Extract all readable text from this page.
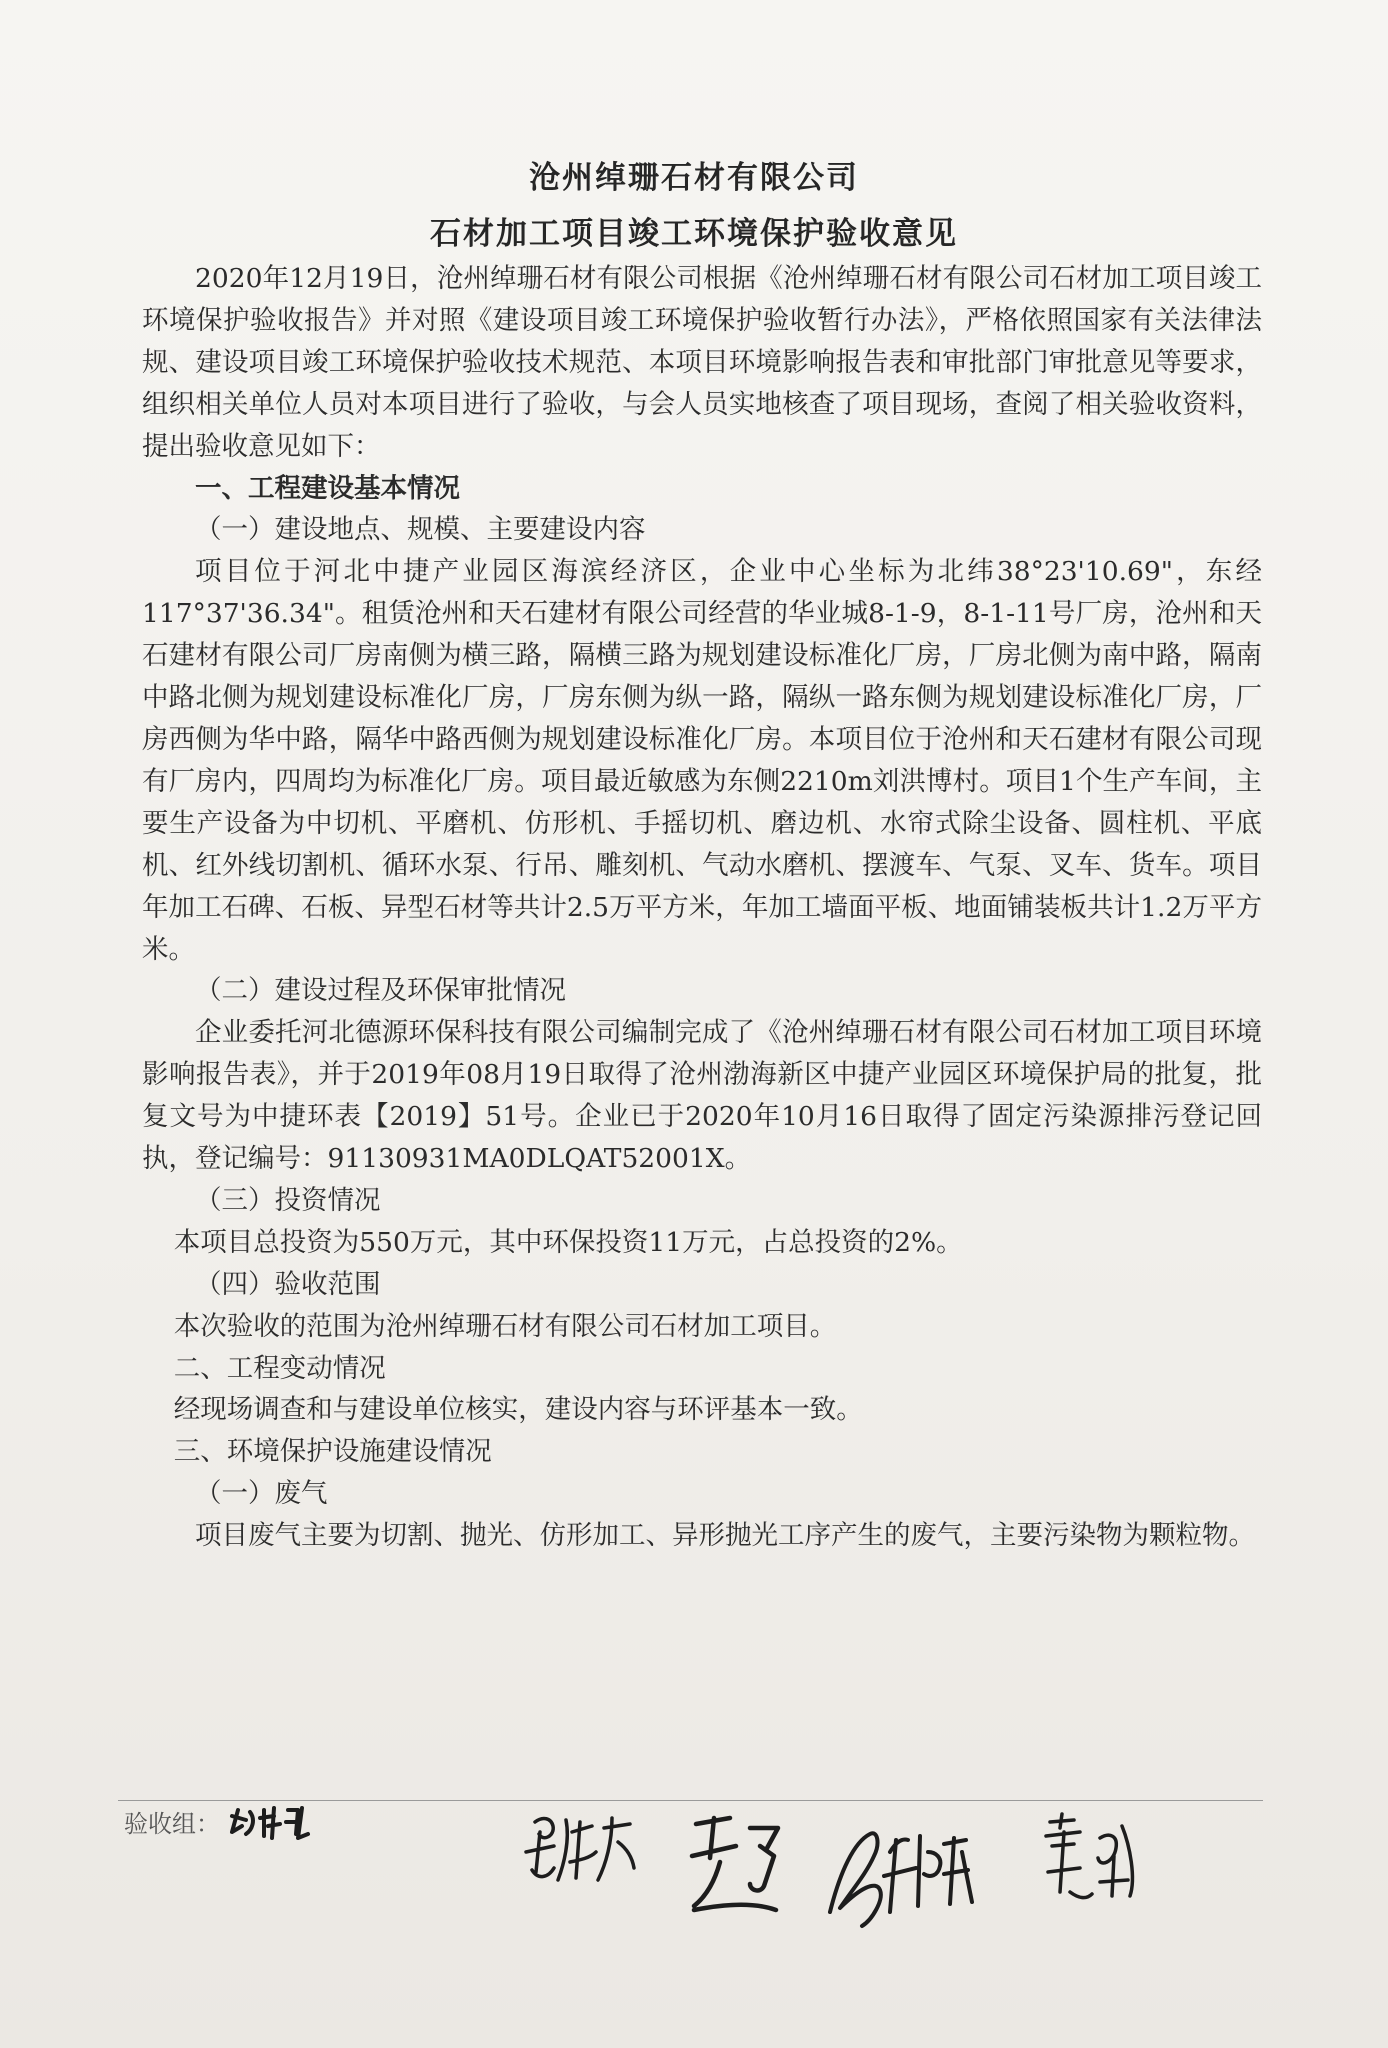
沧州绰珊石材有限公司
石材加工项目竣工环境保护验收意见

2020年12月19日，沧州绰珊石材有限公司根据《沧州绰珊石材有限公司石材加工项目竣工环境保护验收报告》并对照《建设项目竣工环境保护验收暂行办法》，严格依照国家有关法律法规、建设项目竣工环境保护验收技术规范、本项目环境影响报告表和审批部门审批意见等要求，组织相关单位人员对本项目进行了验收，与会人员实地核查了项目现场，查阅了相关验收资料，提出验收意见如下：

一、工程建设基本情况

（一）建设地点、规模、主要建设内容

项目位于河北中捷产业园区海滨经济区，企业中心坐标为北纬38°23'10.69"，东经117°37'36.34"。租赁沧州和天石建材有限公司经营的华业城8-1-9，8-1-11号厂房，沧州和天石建材有限公司厂房南侧为横三路，隔横三路为规划建设标准化厂房，厂房北侧为南中路，隔南中路北侧为规划建设标准化厂房，厂房东侧为纵一路，隔纵一路东侧为规划建设标准化厂房，厂房西侧为华中路，隔华中路西侧为规划建设标准化厂房。本项目位于沧州和天石建材有限公司现有厂房内，四周均为标准化厂房。项目最近敏感为东侧2210m刘洪博村。项目1个生产车间，主要生产设备为中切机、平磨机、仿形机、手摇切机、磨边机、水帘式除尘设备、圆柱机、平底机、红外线切割机、循环水泵、行吊、雕刻机、气动水磨机、摆渡车、气泵、叉车、货车。项目年加工石碑、石板、异型石材等共计2.5万平方米，年加工墙面平板、地面铺装板共计1.2万平方米。

（二）建设过程及环保审批情况

企业委托河北德源环保科技有限公司编制完成了《沧州绰珊石材有限公司石材加工项目环境影响报告表》，并于2019年08月19日取得了沧州渤海新区中捷产业园区环境保护局的批复，批复文号为中捷环表【2019】51号。企业已于2020年10月16日取得了固定污染源排污登记回执，登记编号：91130931MA0DLQAT52001X。

（三）投资情况

本项目总投资为550万元，其中环保投资11万元，占总投资的2%。

（四）验收范围

本次验收的范围为沧州绰珊石材有限公司石材加工项目。

二、工程变动情况

经现场调查和与建设单位核实，建设内容与环评基本一致。

三、环境保护设施建设情况

（一）废气

项目废气主要为切割、抛光、仿形加工、异形抛光工序产生的废气，主要污染物为颗粒物。

验收组：
